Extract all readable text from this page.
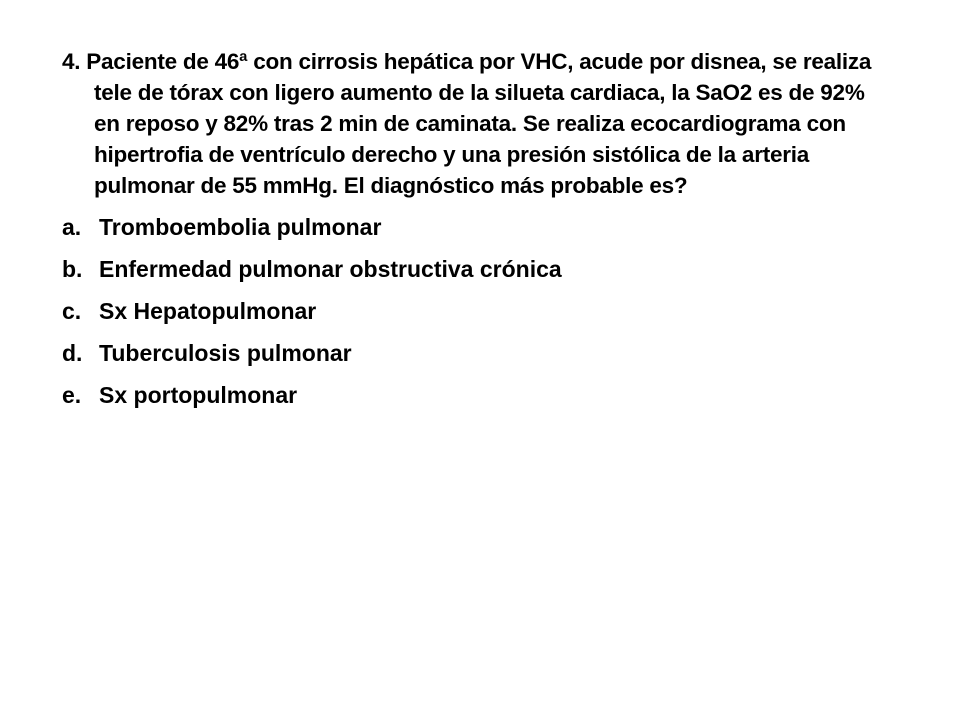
4. Paciente de 46ª con cirrosis hepática por VHC, acude por disnea, se realiza tele de tórax con ligero aumento de la silueta cardiaca, la SaO2 es de 92% en reposo y 82% tras 2 min de caminata. Se realiza ecocardiograma con hipertrofia de ventrículo derecho y una presión sistólica de la arteria pulmonar de 55 mmHg. El diagnóstico más probable es?
a. Tromboembolia pulmonar
b. Enfermedad pulmonar obstructiva crónica
c. Sx Hepatopulmonar
d. Tuberculosis pulmonar
e. Sx portopulmonar
